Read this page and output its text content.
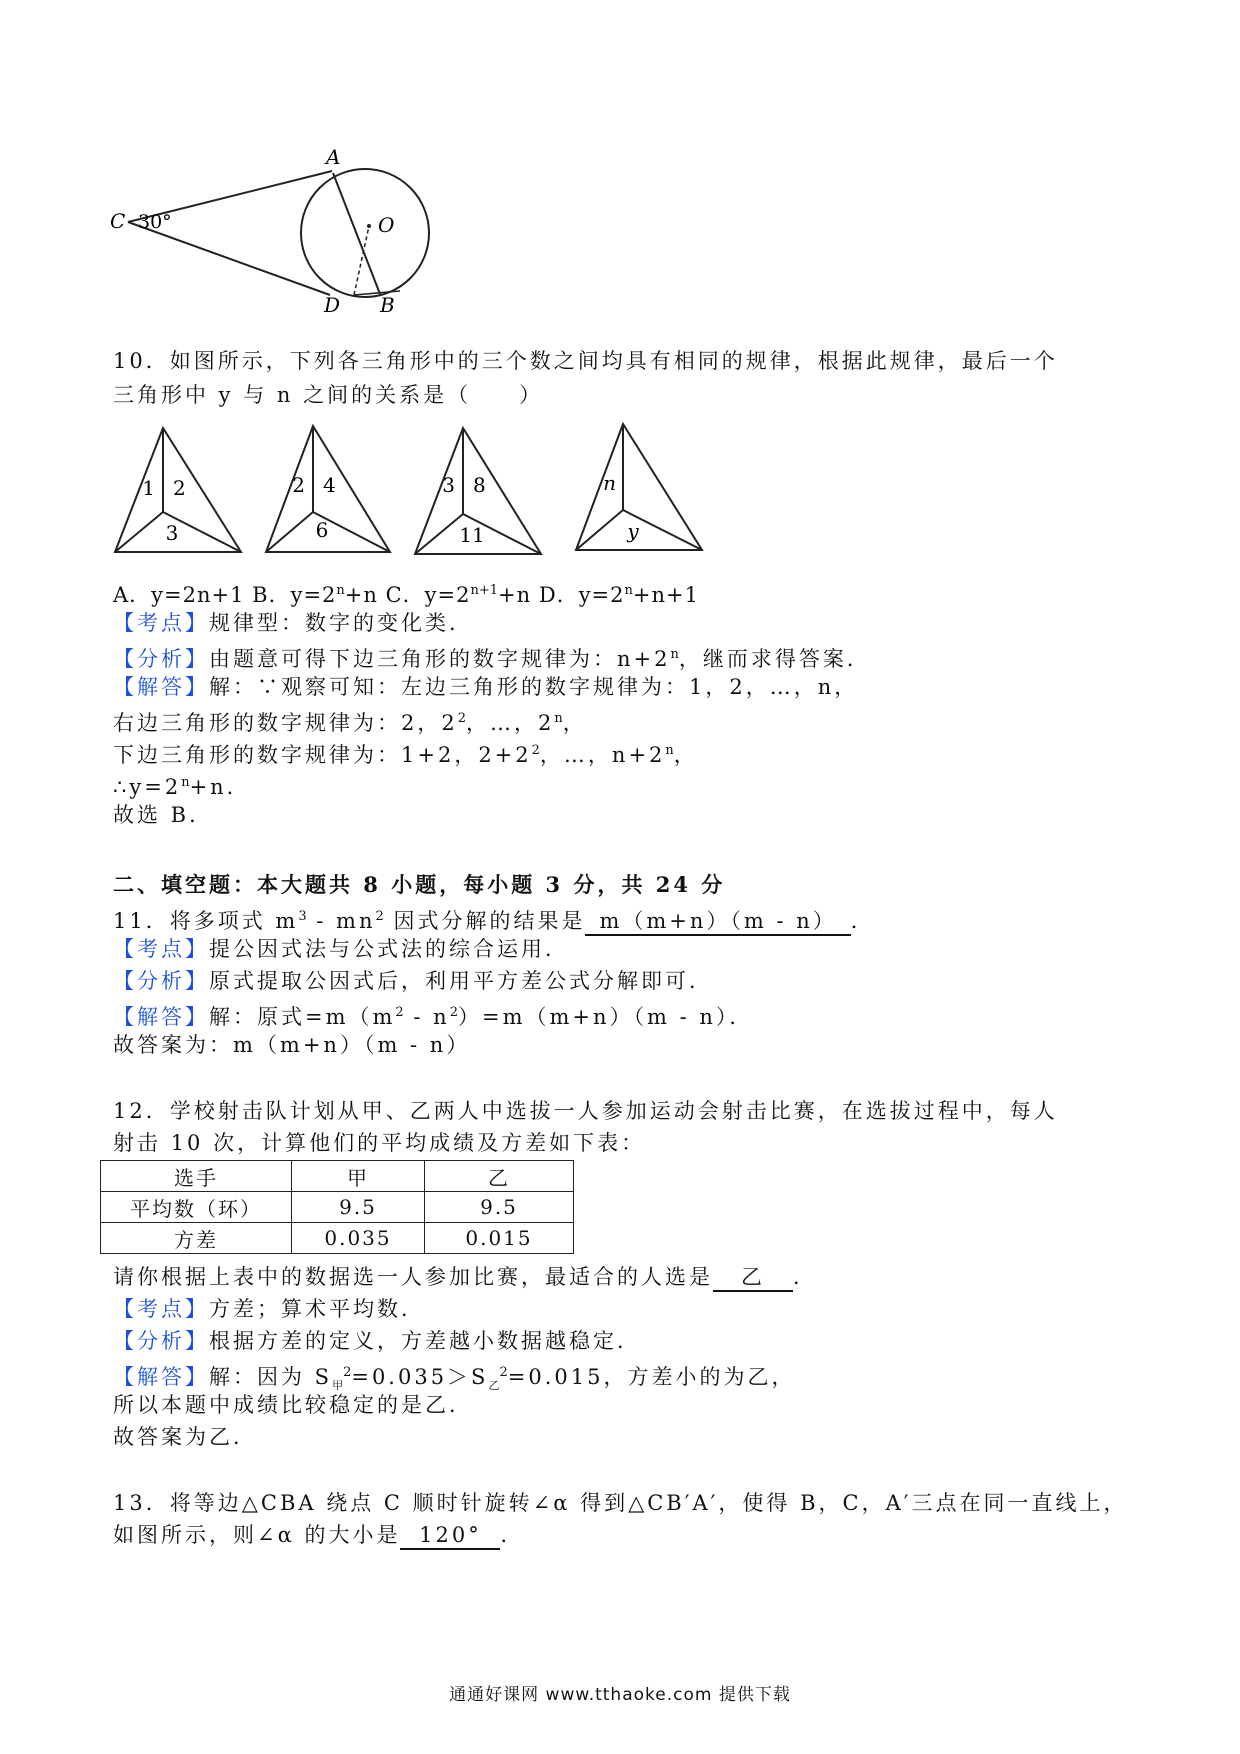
C 30°
A
O
D B
10．如图所示，下列各三角形中的三个数之间均具有相同的规律，根据此规律，最后一个
三角形中 y 与 n 之间的关系是（　　）
1 2
3
2 4
6
3 8
11
n
y
A．y=2n+1 B．$y=2^n+n$ C．$y=2^{n+1}+n$ D．$y=2^n+n+1$
【考点】规律型：数字的变化类．
【分析】由题意可得下边三角形的数字规律为：$n+2^n$，继而求得答案．
【解答】解：∵观察可知：左边三角形的数字规律为：1，2，…，n，
右边三角形的数字规律为：2，$2^2$，…，2$^n$，
下边三角形的数字规律为：1+2，$2+2^2$，…，$n+2^n$，
$\therefore y=2^n+n$．
故选 B．
二、填空题：本大题共 8 小题，每小题 3 分，共 24 分
11．将多项式 $m^3 - mn^2$ 因式分解的结果是 m（m+n）（m - n） ．
【考点】提公因式法与公式法的综合运用．
【分析】原式提取公因式后，利用平方差公式分解即可．
【解答】解：原式$=m(m^2 - n^2)=m(m+n)(m - n)$．
故答案为：m（m+n）（m - n）
12．学校射击队计划从甲、乙两人中选拔一人参加运动会射击比赛，在选拔过程中，每人
射击 10 次，计算他们的平均成绩及方差如下表：
选手	甲	乙
平均数（环）	9.5	9.5
方差	0.035	0.015
请你根据上表中的数据选一人参加比赛，最适合的人选是 乙 ．
【考点】方差；算术平均数．
【分析】根据方差的定义，方差越小数据越稳定．
【解答】解：因为 $S_甲^2=0.035>S_乙^2=0.015$，方差小的为乙，
所以本题中成绩比较稳定的是乙．
故答案为乙．
13．将等边△CBA 绕点 C 顺时针旋转∠α 得到△CB′A′，使得 B，C，A′三点在同一直线上，
如图所示，则∠α 的大小是 120° ．
通通好课网 www.tthaoke.com 提供下载
